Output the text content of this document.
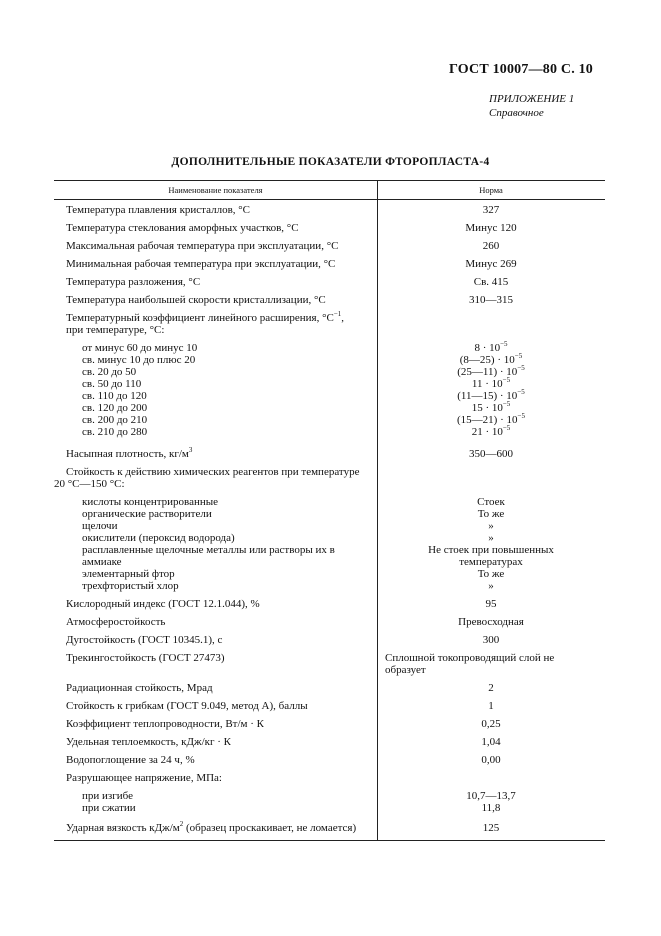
ГОСТ 10007—80 С. 10
ПРИЛОЖЕНИЕ 1
Справочное
ДОПОЛНИТЕЛЬНЫЕ ПОКАЗАТЕЛИ ФТОРОПЛАСТА-4
Наименование показателя	Норма
Температура плавления кристаллов, °С	327
Температура стеклования аморфных участков, °С	Минус 120
Максимальная рабочая температура при эксплуатации, °С	260
Минимальная рабочая температура при эксплуатации, °С	Минус 269
Температура разложения, °С	Св. 415
Температура наибольшей скорости кристаллизации, °С	310—315
Температурный коэффициент линейного расширения, $^\circ С^{-1}$,
при температуре, °С:
от минус 60 до минус 10	$8 \cdot 10^{-5}$
св. минус 10 до плюс 20	(8—25) · $10^{-5}$
св. 20 до 50	(25—11) · $10^{-5}$
св. 50 до 110	$11 \cdot 10^{-5}$
св. 110 до 120	(11—15) · $10^{-5}$
св. 120 до 200	$15 \cdot 10^{-5}$
св. 200 до 210	(15—21) · $10^{-5}$
св. 210 до 280	$21 \cdot 10^{-5}$
Насыпная плотность, $кг/м^3$	350—600
Стойкость к действию химических реагентов при температуре
20 °С—150 °С:
кислоты концентрированные	Стоек
органические растворители	То же
щелочи	»
окислители (пероксид водорода)	»
расплавленные щелочные металлы или растворы их в	Не стоек при повышенных
аммиаке	температурах
элементарный фтор	То же
трехфтористый хлор	»
Кислородный индекс (ГОСТ 12.1.044), %	95
Атмосферостойкость	Превосходная
Дугостойкость (ГОСТ 10345.1), с	300
Трекингостойкость (ГОСТ 27473)	Сплошной токопроводящий слой не
образует
Радиационная стойкость, Мрад	2
Стойкость к грибкам (ГОСТ 9.049, метод А), баллы	1
Коэффициент теплопроводности, Вт/м · К	0,25
Удельная теплоемкость, кДж/кг · К	1,04
Водопоглощение за 24 ч, %	0,00
Разрушающее напряжение, МПа:
при изгибе	10,7—13,7
при сжатии	11,8
Ударная вязкость кДж/$м^2$ (образец проскакивает, не ломается)	125
